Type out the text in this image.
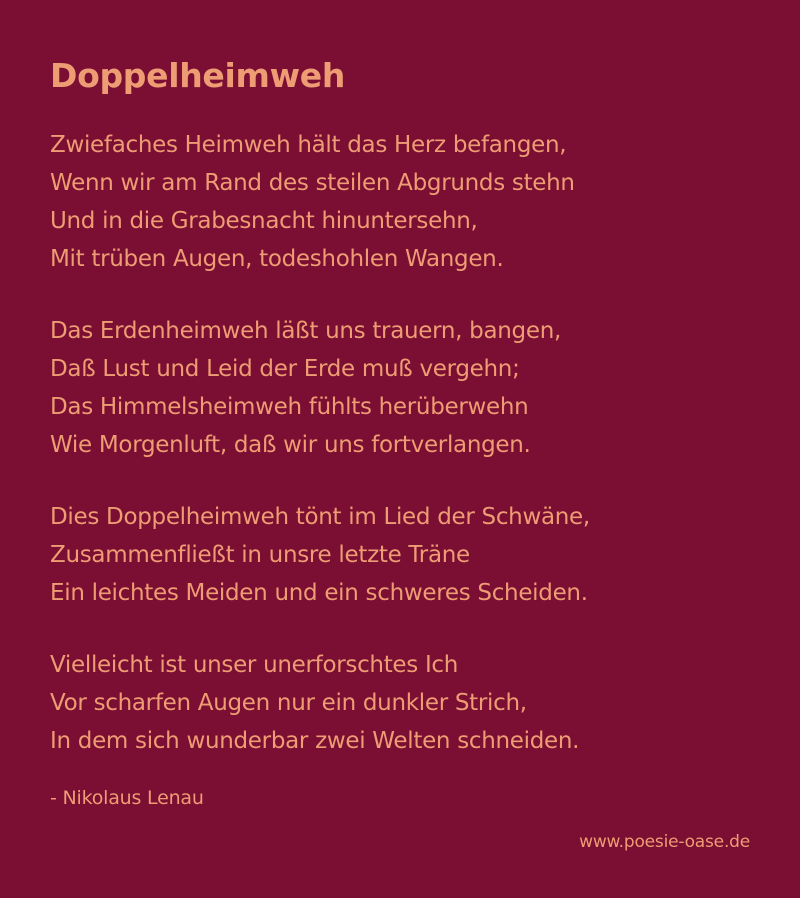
Doppelheimweh
Zwiefaches Heimweh hält das Herz befangen,
Wenn wir am Rand des steilen Abgrunds stehn
Und in die Grabesnacht hinuntersehn,
Mit trüben Augen, todeshohlen Wangen.
Das Erdenheimweh läßt uns trauern, bangen,
Daß Lust und Leid der Erde muß vergehn;
Das Himmelsheimweh fühlts herüberwehn
Wie Morgenluft, daß wir uns fortverlangen.
Dies Doppelheimweh tönt im Lied der Schwäne,
Zusammenfließt in unsre letzte Träne
Ein leichtes Meiden und ein schweres Scheiden.
Vielleicht ist unser unerforschtes Ich
Vor scharfen Augen nur ein dunkler Strich,
In dem sich wunderbar zwei Welten schneiden.
- Nikolaus Lenau
www.poesie-oase.de
